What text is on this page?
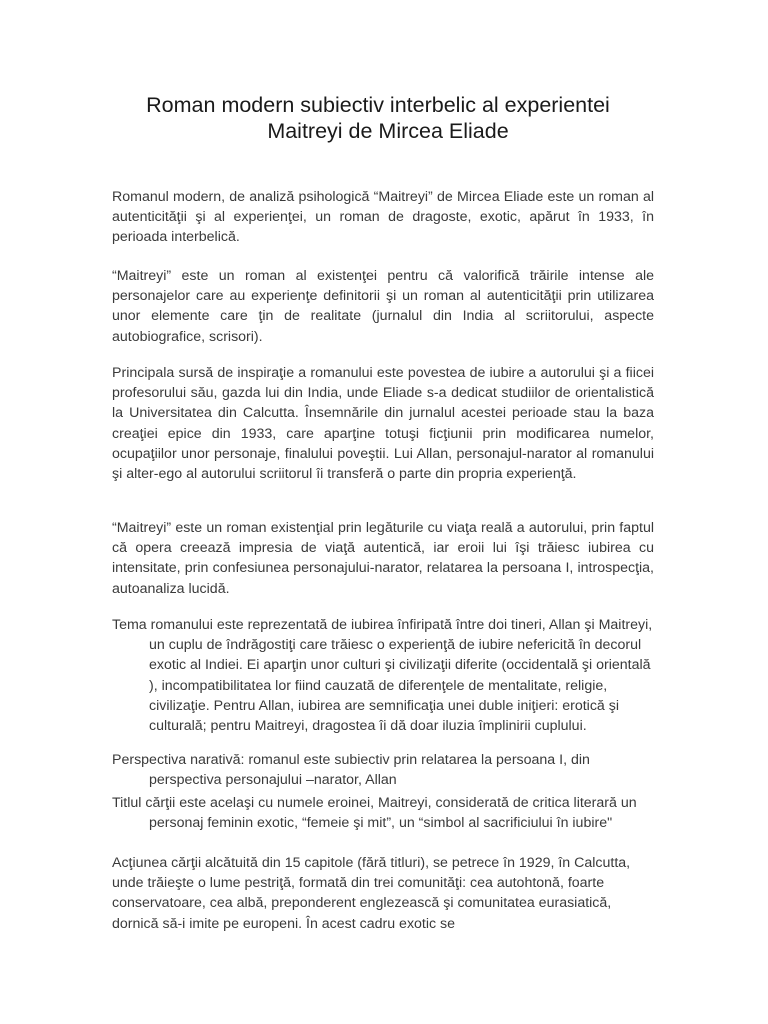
Roman modern subiectiv interbelic al experientei
Maitreyi de Mircea Eliade

Romanul modern, de analiză psihologică “Maitreyi” de Mircea Eliade este un roman al autenticităţii şi al experienţei, un roman de dragoste, exotic, apărut în 1933, în perioada interbelică.

“Maitreyi” este un roman al existenţei pentru că valorifică trăirile intense ale personajelor care au experienţe definitorii şi un roman al autenticităţii prin utilizarea unor elemente care ţin de realitate (jurnalul din India al scriitorului, aspecte autobiografice, scrisori).

Principala sursă de inspiraţie a romanului este povestea de iubire a autorului şi a fiicei profesorului său, gazda lui din India, unde Eliade s-a dedicat studiilor de orientalistică la Universitatea din Calcutta. Însemnările din jurnalul acestei perioade stau la baza creaţiei epice din 1933, care aparţine totuşi ficţiunii prin modificarea numelor, ocupaţiilor unor personaje, finalului poveştii. Lui Allan, personajul-narator al romanului şi alter-ego al autorului scriitorul îi transferă o parte din propria experienţă.

“Maitreyi” este un roman existenţial prin legăturile cu viaţa reală a autorului, prin faptul că opera creează impresia de viaţă autentică, iar eroii lui îşi trăiesc iubirea cu intensitate, prin confesiunea personajului-narator, relatarea la persoana I, introspecţia, autoanaliza lucidă.

Tema romanului este reprezentată de iubirea înfiripată între doi tineri, Allan şi Maitreyi, un cuplu de îndrăgostiţi care trăiesc o experienţă de iubire nefericită în decorul exotic al Indiei. Ei aparţin unor culturi şi civilizaţii diferite (occidentală şi orientală ), incompatibilitatea lor fiind cauzată de diferenţele de mentalitate, religie, civilizaţie. Pentru Allan, iubirea are semnificaţia unei duble iniţieri: erotică şi culturală; pentru Maitreyi, dragostea îi dă doar iluzia împlinirii cuplului.

Perspectiva narativă: romanul este subiectiv prin relatarea la persoana I, din perspectiva personajului –narator, Allan

Titlul cărţii este acelaşi cu numele eroinei, Maitreyi, considerată de critica literară un personaj feminin exotic, “femeie şi mit”, un “simbol al sacrificiului în iubire"

Acţiunea cărţii alcătuită din 15 capitole (fără titluri), se petrece în 1929, în Calcutta, unde trăieşte o lume pestriţă, formată din trei comunităţi: cea autohtonă, foarte conservatoare, cea albă, preponderent englezească şi comunitatea eurasiatică, dornică să-i imite pe europeni. În acest cadru exotic se
